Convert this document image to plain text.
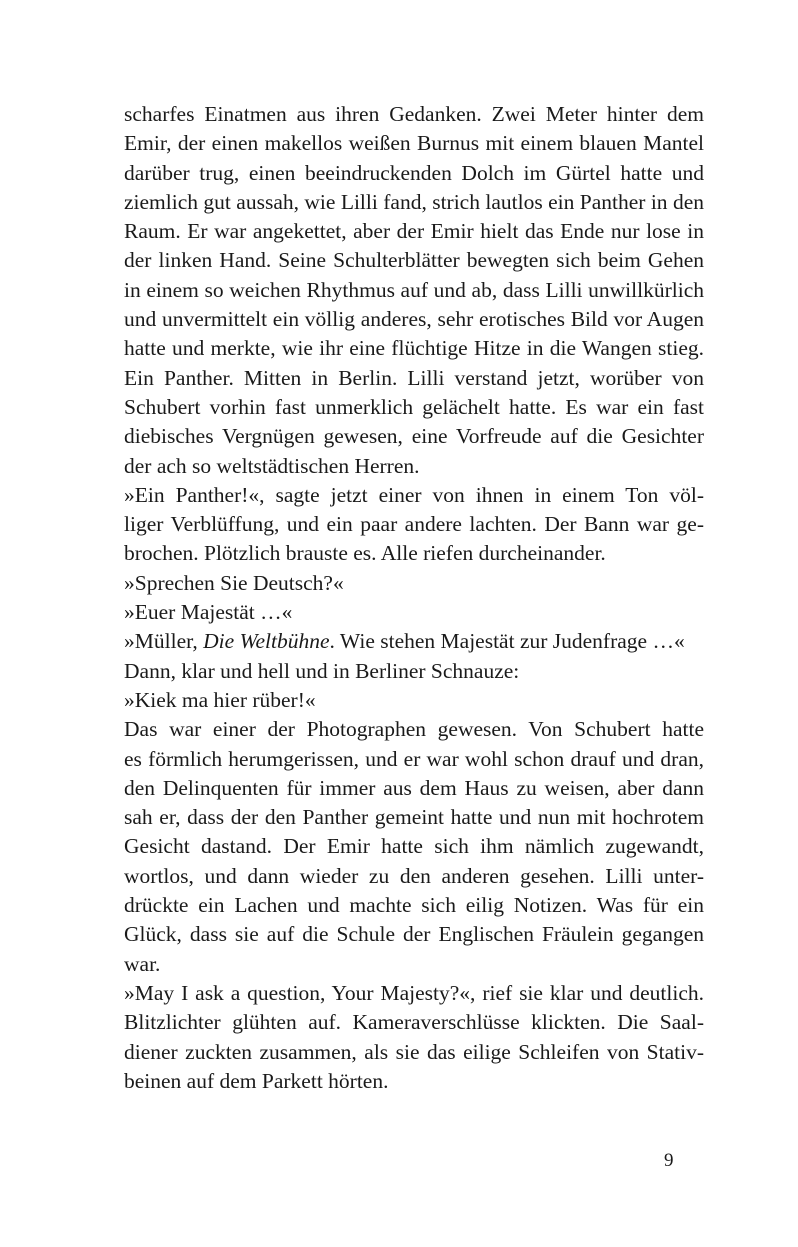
scharfes Einatmen aus ihren Gedanken. Zwei Meter hinter dem
Emir, der einen makellos weißen Burnus mit einem blauen Mantel
darüber trug, einen beeindruckenden Dolch im Gürtel hatte und
ziemlich gut aussah, wie Lilli fand, strich lautlos ein Panther in den
Raum. Er war angekettet, aber der Emir hielt das Ende nur lose in
der linken Hand. Seine Schulterblätter bewegten sich beim Gehen
in einem so weichen Rhythmus auf und ab, dass Lilli unwillkürlich
und unvermittelt ein völlig anderes, sehr erotisches Bild vor Augen
hatte und merkte, wie ihr eine flüchtige Hitze in die Wangen stieg.
Ein Panther. Mitten in Berlin. Lilli verstand jetzt, worüber von
Schubert vorhin fast unmerklich gelächelt hatte. Es war ein fast
diebisches Vergnügen gewesen, eine Vorfreude auf die Gesichter
der ach so weltstädtischen Herren.
»Ein Panther!«, sagte jetzt einer von ihnen in einem Ton völ-
liger Verblüffung, und ein paar andere lachten. Der Bann war ge-
brochen. Plötzlich brauste es. Alle riefen durcheinander.
»Sprechen Sie Deutsch?«
»Euer Majestät …«
»Müller, Die Weltbühne. Wie stehen Majestät zur Judenfrage …«
Dann, klar und hell und in Berliner Schnauze:
»Kiek ma hier rüber!«
Das war einer der Photographen gewesen. Von Schubert hatte
es förmlich herumgerissen, und er war wohl schon drauf und dran,
den Delinquenten für immer aus dem Haus zu weisen, aber dann
sah er, dass der den Panther gemeint hatte und nun mit hochrotem
Gesicht dastand. Der Emir hatte sich ihm nämlich zugewandt,
wortlos, und dann wieder zu den anderen gesehen. Lilli unter-
drückte ein Lachen und machte sich eilig Notizen. Was für ein
Glück, dass sie auf die Schule der Englischen Fräulein gegangen
war.
»May I ask a question, Your Majesty?«, rief sie klar und deutlich.
Blitzlichter glühten auf. Kameraverschlüsse klickten. Die Saal-
diener zuckten zusammen, als sie das eilige Schleifen von Stativ-
beinen auf dem Parkett hörten.
9
